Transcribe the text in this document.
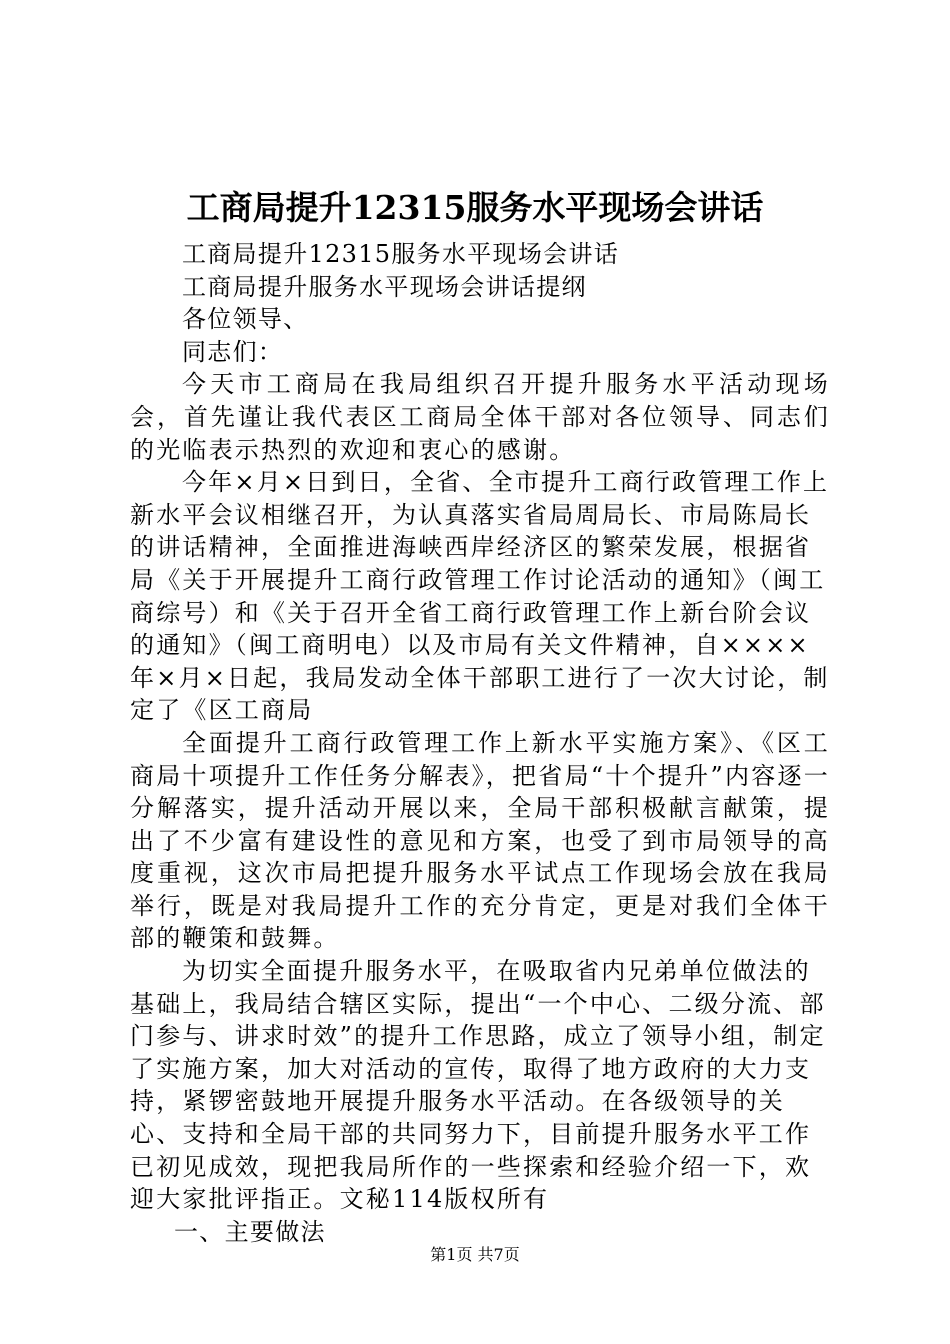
工商局提升12315服务水平现场会讲话

工商局提升12315服务水平现场会讲话

工商局提升服务水平现场会讲话提纲

各位领导、

同志们：

今天市工商局在我局组织召开提升服务水平活动现场会，首先谨让我代表区工商局全体干部对各位领导、同志们的光临表示热烈的欢迎和衷心的感谢。

今年×月×日到日，全省、全市提升工商行政管理工作上新水平会议相继召开，为认真落实省局周局长、市局陈局长的讲话精神，全面推进海峡西岸经济区的繁荣发展，根据省局《关于开展提升工商行政管理工作讨论活动的通知》（闽工商综号）和《关于召开全省工商行政管理工作上新台阶会议的通知》（闽工商明电）以及市局有关文件精神，自××××年×月×日起，我局发动全体干部职工进行了一次大讨论，制定了《区工商局

全面提升工商行政管理工作上新水平实施方案》、《区工商局十项提升工作任务分解表》，把省局“十个提升”内容逐一分解落实，提升活动开展以来，全局干部积极献言献策，提出了不少富有建设性的意见和方案，也受了到市局领导的高度重视，这次市局把提升服务水平试点工作现场会放在我局举行，既是对我局提升工作的充分肯定，更是对我们全体干部的鞭策和鼓舞。

为切实全面提升服务水平，在吸取省内兄弟单位做法的基础上，我局结合辖区实际，提出“一个中心、二级分流、部门参与、讲求时效”的提升工作思路，成立了领导小组，制定了实施方案，加大对活动的宣传，取得了地方政府的大力支持，紧锣密鼓地开展提升服务水平活动。在各级领导的关心、支持和全局干部的共同努力下，目前提升服务水平工作已初见成效，现把我局所作的一些探索和经验介绍一下，欢迎大家批评指正。文秘114版权所有

一、主要做法

第1页 共7页
